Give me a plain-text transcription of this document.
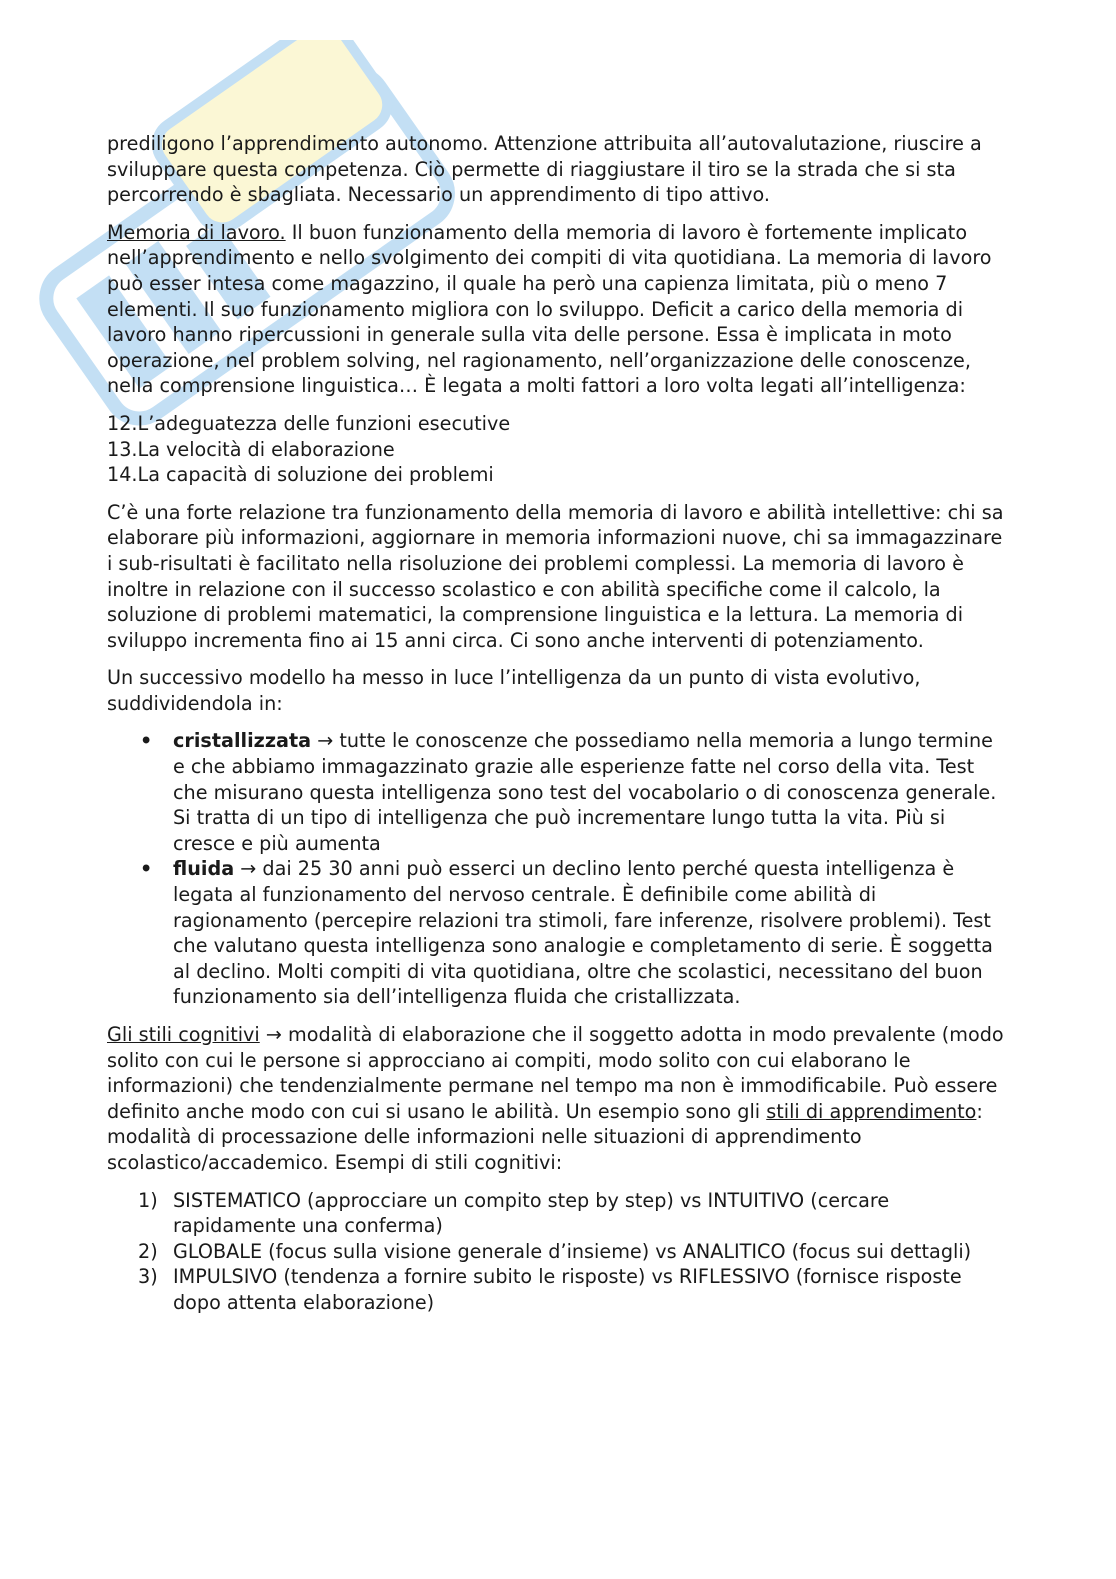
prediligono l’apprendimento autonomo. Attenzione attribuita all’autovalutazione, riuscire a sviluppare questa competenza. Ciò permette di riaggiustare il tiro se la strada che si sta percorrendo è sbagliata. Necessario un apprendimento di tipo attivo.

Memoria di lavoro. Il buon funzionamento della memoria di lavoro è fortemente implicato nell’apprendimento e nello svolgimento dei compiti di vita quotidiana. La memoria di lavoro può esser intesa come magazzino, il quale ha però una capienza limitata, più o meno 7 elementi. Il suo funzionamento migliora con lo sviluppo. Deficit a carico della memoria di lavoro hanno ripercussioni in generale sulla vita delle persone. Essa è implicata in moto operazione, nel problem solving, nel ragionamento, nell’organizzazione delle conoscenze, nella comprensione linguistica… È legata a molti fattori a loro volta legati all’intelligenza:

12.L’adeguatezza delle funzioni esecutive
13.La velocità di elaborazione
14.La capacità di soluzione dei problemi

C’è una forte relazione tra funzionamento della memoria di lavoro e abilità intellettive: chi sa elaborare più informazioni, aggiornare in memoria informazioni nuove, chi sa immagazzinare i sub-risultati è facilitato nella risoluzione dei problemi complessi. La memoria di lavoro è inoltre in relazione con il successo scolastico e con abilità specifiche come il calcolo, la soluzione di problemi matematici, la comprensione linguistica e la lettura. La memoria di sviluppo incrementa fino ai 15 anni circa. Ci sono anche interventi di potenziamento.

Un successivo modello ha messo in luce l’intelligenza da un punto di vista evolutivo, suddividendola in:

• cristallizzata → tutte le conoscenze che possediamo nella memoria a lungo termine e che abbiamo immagazzinato grazie alle esperienze fatte nel corso della vita. Test che misurano questa intelligenza sono test del vocabolario o di conoscenza generale. Si tratta di un tipo di intelligenza che può incrementare lungo tutta la vita. Più si cresce e più aumenta
• fluida → dai 25 30 anni può esserci un declino lento perché questa intelligenza è legata al funzionamento del nervoso centrale. È definibile come abilità di ragionamento (percepire relazioni tra stimoli, fare inferenze, risolvere problemi). Test che valutano questa intelligenza sono analogie e completamento di serie. È soggetta al declino. Molti compiti di vita quotidiana, oltre che scolastici, necessitano del buon funzionamento sia dell’intelligenza fluida che cristallizzata.

Gli stili cognitivi → modalità di elaborazione che il soggetto adotta in modo prevalente (modo solito con cui le persone si approcciano ai compiti, modo solito con cui elaborano le informazioni) che tendenzialmente permane nel tempo ma non è immodificabile. Può essere definito anche modo con cui si usano le abilità. Un esempio sono gli stili di apprendimento: modalità di processazione delle informazioni nelle situazioni di apprendimento scolastico/accademico. Esempi di stili cognitivi:

1) SISTEMATICO (approcciare un compito step by step) vs INTUITIVO (cercare rapidamente una conferma)
2) GLOBALE (focus sulla visione generale d’insieme) vs ANALITICO (focus sui dettagli)
3) IMPULSIVO (tendenza a fornire subito le risposte) vs RIFLESSIVO (fornisce risposte dopo attenta elaborazione)
